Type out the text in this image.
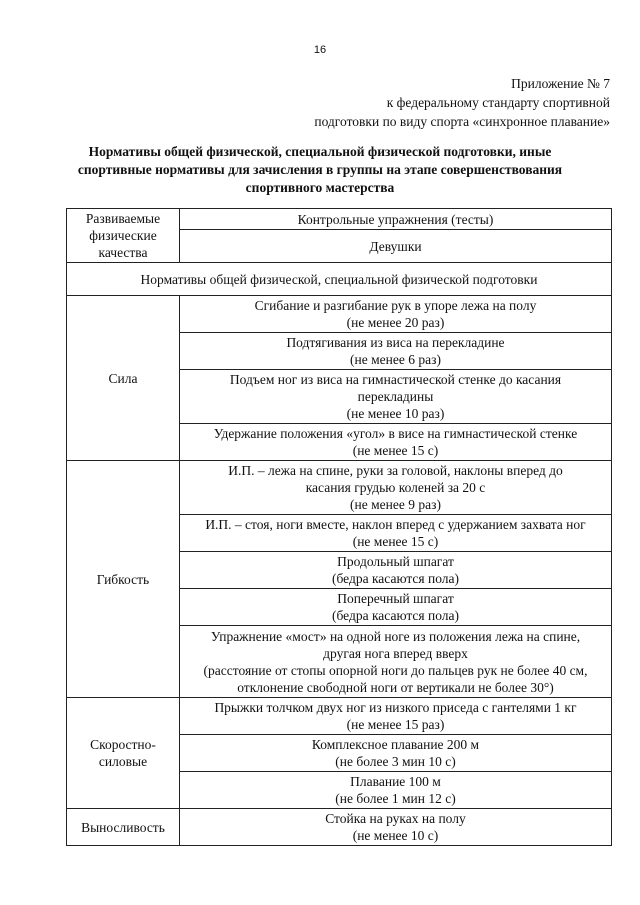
16
Приложение № 7
к федеральному стандарту спортивной
подготовки по виду спорта «синхронное плавание»
Нормативы общей физической, специальной физической подготовки, иные
спортивные нормативы для зачисления в группы на этапе совершенствования
спортивного мастерства
Развиваемые
физические
качества	Контрольные упражнения (тесты)
	Девушки
Нормативы общей физической, специальной физической подготовки	

Сила	Сгибание и разгибание рук в упоре лежа на полу
(не менее 20 раз)

	Подтягивания из виса на перекладине
(не менее 6 раз)

	Подъем ног из виса на гимнастической стенке до касания
перекладины
(не менее 10 раз)

	Удержание положения «угол» в висе на гимнастической стенке
(не менее 15 с)

Гибкость	И.П. – лежа на спине, руки за головой, наклоны вперед до
касания грудью коленей за 20 с
(не менее 9 раз)

	И.П. – стоя, ноги вместе, наклон вперед с удержанием захвата ног
(не менее 15 с)

	Продольный шпагат
(бедра касаются пола)

	Поперечный шпагат
(бедра касаются пола)

	Упражнение «мост» на одной ноге из положения лежа на спине,
другая нога вперед вверх
(расстояние от стопы опорной ноги до пальцев рук не более 40 см,
отклонение свободной ноги от вертикали не более 30°)

Скоростно-
силовые	Прыжки толчком двух ног из низкого приседа с гантелями 1 кг
(не менее 15 раз)

	Комплексное плавание 200 м
(не более 3 мин 10 с)

	Плавание 100 м
(не более 1 мин 12 с)

Выносливость	Стойка на руках на полу
(не менее 10 с)
